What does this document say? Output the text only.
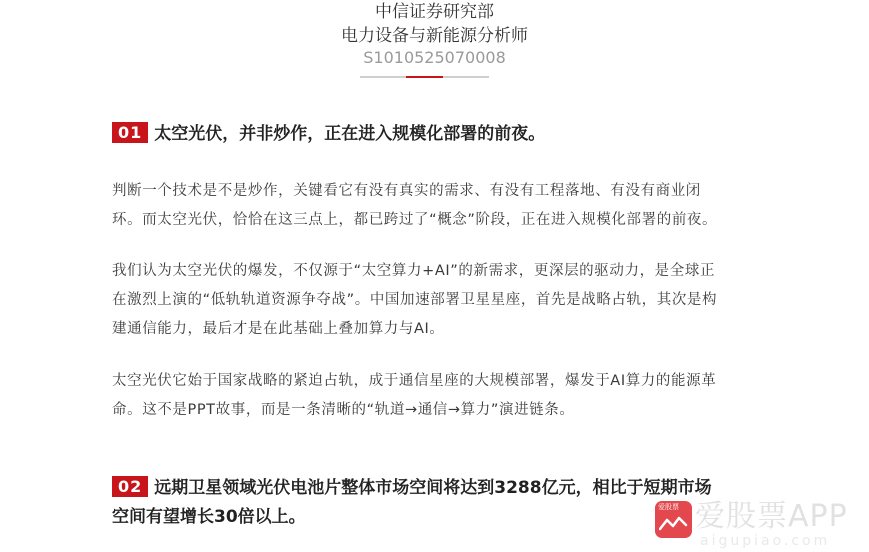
中信证券研究部
电力设备与新能源分析师
S1010525070008
01 太空光伏，并非炒作，正在进入规模化部署的前夜。
判断一个技术是不是炒作，关键看它有没有真实的需求、有没有工程落地、有没有商业闭
环。而太空光伏，恰恰在这三点上，都已跨过了“概念”阶段，正在进入规模化部署的前夜。
我们认为太空光伏的爆发，不仅源于“太空算力+AI”的新需求，更深层的驱动力，是全球正
在激烈上演的“低轨轨道资源争夺战”。中国加速部署卫星星座，首先是战略占轨，其次是构
建通信能力，最后才是在此基础上叠加算力与AI。
太空光伏它始于国家战略的紧迫占轨，成于通信星座的大规模部署，爆发于AI算力的能源革
命。这不是PPT故事，而是一条清晰的“轨道→通信→算力”演进链条。
02 远期卫星领域光伏电池片整体市场空间将达到3288亿元，相比于短期市场
空间有望增长30倍以上。	爱股票 爱股票APP
aigupiao.com
